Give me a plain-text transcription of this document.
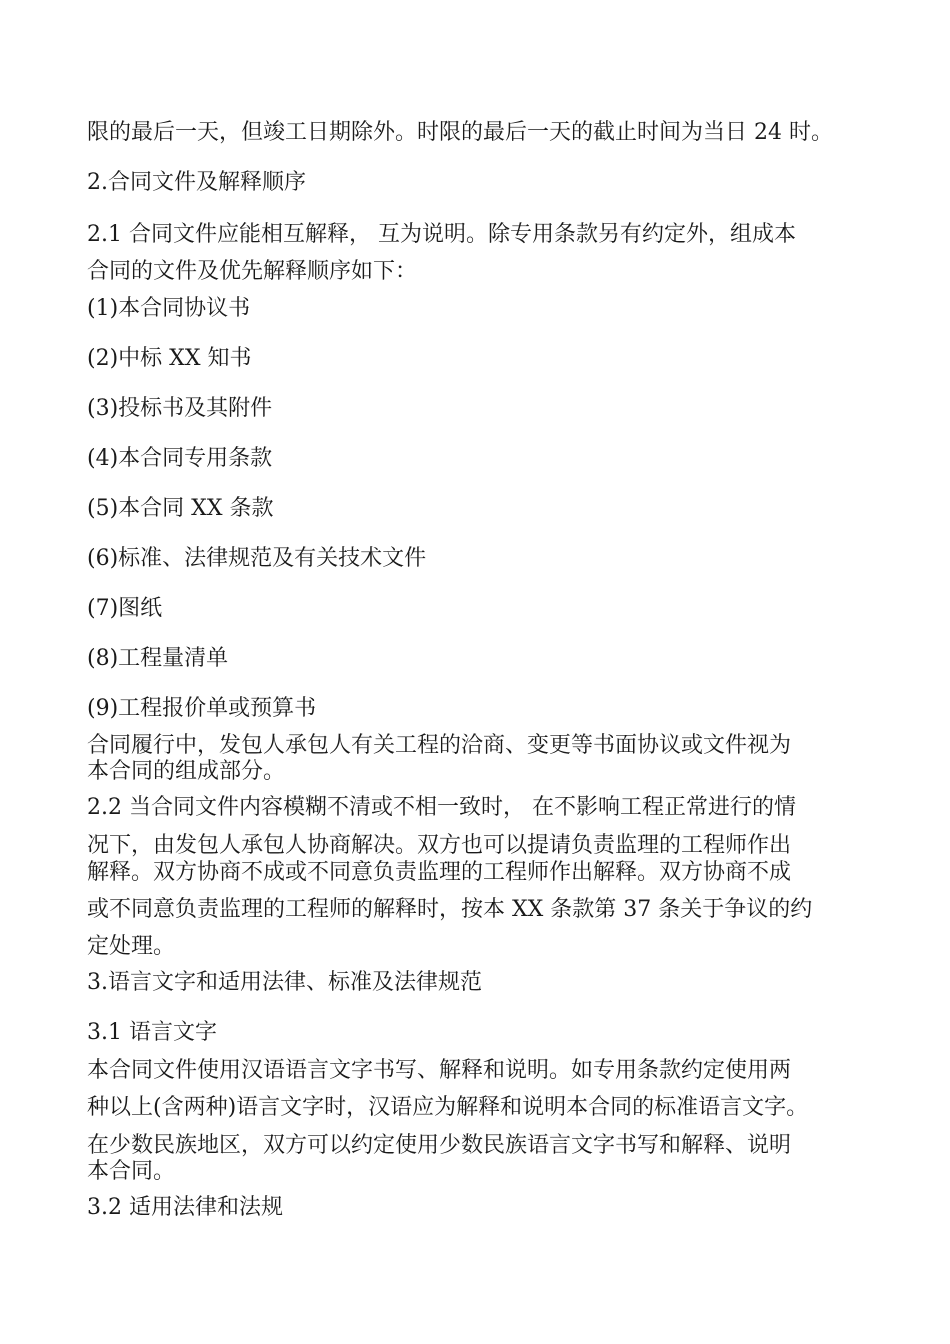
限的最后一天，但竣工日期除外。时限的最后一天的截止时间为当日 24 时。
2.合同文件及解释顺序
2.1 合同文件应能相互解释， 互为说明。除专用条款另有约定外，组成本
合同的文件及优先解释顺序如下：
(1)本合同协议书
(2)中标 XX 知书
(3)投标书及其附件
(4)本合同专用条款
(5)本合同 XX 条款
(6)标准、法律规范及有关技术文件
(7)图纸
(8)工程量清单
(9)工程报价单或预算书
合同履行中，发包人承包人有关工程的洽商、变更等书面协议或文件视为
本合同的组成部分。
2.2 当合同文件内容模糊不清或不相一致时， 在不影响工程正常进行的情
况下，由发包人承包人协商解决。双方也可以提请负责监理的工程师作出
解释。双方协商不成或不同意负责监理的工程师作出解释。双方协商不成
或不同意负责监理的工程师的解释时，按本 XX 条款第 37 条关于争议的约
定处理。
3.语言文字和适用法律、标准及法律规范
3.1 语言文字
本合同文件使用汉语语言文字书写、解释和说明。如专用条款约定使用两
种以上(含两种)语言文字时，汉语应为解释和说明本合同的标准语言文字。
在少数民族地区，双方可以约定使用少数民族语言文字书写和解释、说明
本合同。
3.2 适用法律和法规
